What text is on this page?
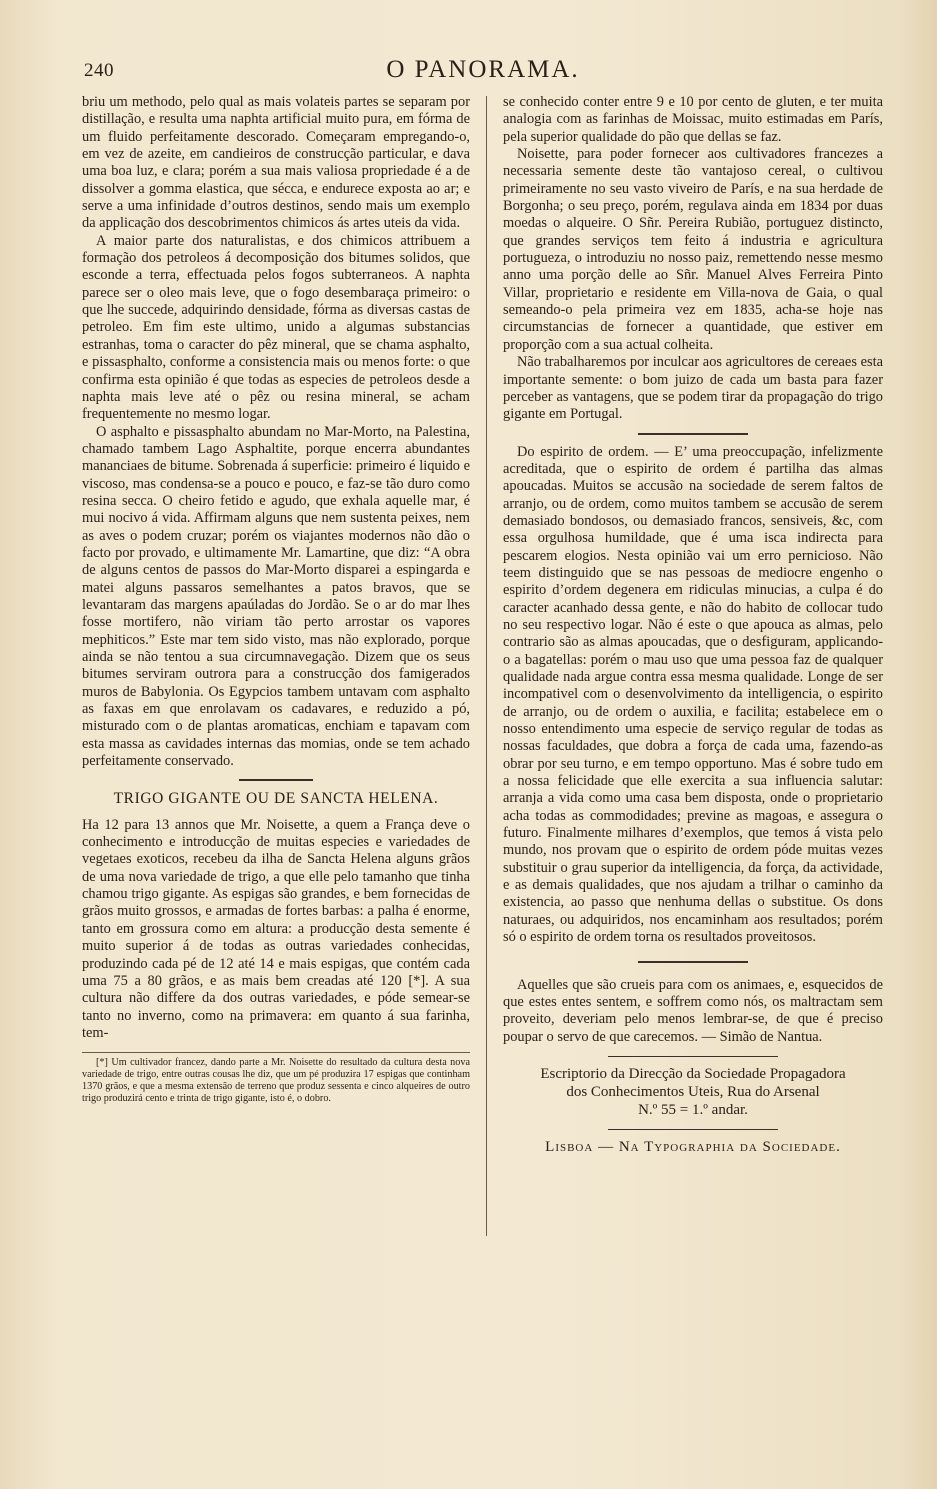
240	O PANORAMA.

briu um methodo, pelo qual as mais volateis partes se separam por distillação, e resulta uma naphta artificial muito pura, em fórma de um fluido perfeitamente descorado. Começaram empregando-o, em vez de azeite, em candieiros de construcção particular, e dava uma boa luz, e clara; porém a sua mais valiosa propriedade é a de dissolver a gomma elastica, que sécca, e endurece exposta ao ar; e serve a uma infinidade d’outros destinos, sendo mais um exemplo da applicação dos descobrimentos chimicos ás artes uteis da vida.

A maior parte dos naturalistas, e dos chimicos attribuem a formação dos petroleos á decomposição dos bitumes solidos, que esconde a terra, effectuada pelos fogos subterraneos. A naphta parece ser o oleo mais leve, que o fogo desembaraça primeiro: o que lhe succede, adquirindo densidade, fórma as diversas castas de petroleo. Em fim este ultimo, unido a algumas substancias estranhas, toma o caracter do pêz mineral, que se chama asphalto, e pissasphalto, conforme a consistencia mais ou menos forte: o que confirma esta opinião é que todas as especies de petroleos desde a naphta mais leve até o pêz ou resina mineral, se acham frequentemente no mesmo logar.

O asphalto e pissasphalto abundam no Mar-Morto, na Palestina, chamado tambem Lago Asphaltite, porque encerra abundantes mananciaes de bitume. Sobrenada á superficie: primeiro é liquido e viscoso, mas condensa-se a pouco e pouco, e faz-se tão duro como resina secca. O cheiro fetido e agudo, que exhala aquelle mar, é mui nocivo á vida. Affirmam alguns que nem sustenta peixes, nem as aves o podem cruzar; porém os viajantes modernos não dão o facto por provado, e ultimamente Mr. Lamartine, que diz: “A obra de alguns centos de passos do Mar-Morto disparei a espingarda e matei alguns passaros semelhantes a patos bravos, que se levantaram das margens apaúladas do Jordão. Se o ar do mar lhes fosse mortifero, não viriam tão perto arrostar os vapores mephiticos.” Este mar tem sido visto, mas não explorado, porque ainda se não tentou a sua circumnavegação. Dizem que os seus bitumes serviram outrora para a construcção dos famigerados muros de Babylonia. Os Egypcios tambem untavam com asphalto as faxas em que enrolavam os cadavares, e reduzido a pó, misturado com o de plantas aromaticas, enchiam e tapavam com esta massa as cavidades internas das momias, onde se tem achado perfeitamente conservado.

TRIGO GIGANTE OU DE SANCTA HELENA.

Ha 12 para 13 annos que Mr. Noisette, a quem a França deve o conhecimento e introducção de muitas especies e variedades de vegetaes exoticos, recebeu da ilha de Sancta Helena alguns grãos de uma nova variedade de trigo, a que elle pelo tamanho que tinha chamou trigo gigante. As espigas são grandes, e bem fornecidas de grãos muito grossos, e armadas de fortes barbas: a palha é enorme, tanto em grossura como em altura: a producção desta semente é muito superior á de todas as outras variedades conhecidas, produzindo cada pé de 12 até 14 e mais espigas, que contém cada uma 75 a 80 grãos, e as mais bem creadas até 120 [*]. A sua cultura não differe da dos outras variedades, e póde semear-se tanto no inverno, como na primavera: em quanto á sua farinha, tem-

[*] Um cultivador francez, dando parte a Mr. Noisette do resultado da cultura desta nova variedade de trigo, entre outras cousas lhe diz, que um pé produzira 17 espigas que continham 1370 grãos, e que a mesma extensão de terreno que produz sessenta e cinco alqueires de outro trigo produzirá cento e trinta de trigo gigante, isto é, o dobro.

se conhecido conter entre 9 e 10 por cento de gluten, e ter muita analogia com as farinhas de Moissac, muito estimadas em París, pela superior qualidade do pão que dellas se faz.

Noisette, para poder fornecer aos cultivadores francezes a necessaria semente deste tão vantajoso cereal, o cultivou primeiramente no seu vasto viveiro de París, e na sua herdade de Borgonha; o seu preço, porém, regulava ainda em 1834 por duas moedas o alqueire. O Sñr. Pereira Rubião, portuguez distincto, que grandes serviços tem feito á industria e agricultura portugueza, o introduziu no nosso paiz, remettendo nesse mesmo anno uma porção delle ao Sñr. Manuel Alves Ferreira Pinto Villar, proprietario e residente em Villa-nova de Gaia, o qual semeando-o pela primeira vez em 1835, acha-se hoje nas circumstancias de fornecer a quantidade, que estiver em proporção com a sua actual colheita.

Não trabalharemos por inculcar aos agricultores de cereaes esta importante semente: o bom juizo de cada um basta para fazer perceber as vantagens, que se podem tirar da propagação do trigo gigante em Portugal.

Do espirito de ordem. — E’ uma preoccupação, infelizmente acreditada, que o espirito de ordem é partilha das almas apoucadas. Muitos se accusão na sociedade de serem faltos de arranjo, ou de ordem, como muitos tambem se accusão de serem demasiado bondosos, ou demasiado francos, sensiveis, &c, com essa orgulhosa humildade, que é uma isca indirecta para pescarem elogios. Nesta opinião vai um erro pernicioso. Não teem distinguido que se nas pessoas de mediocre engenho o espirito d’ordem degenera em ridiculas minucias, a culpa é do caracter acanhado dessa gente, e não do habito de collocar tudo no seu respectivo logar. Não é este o que apouca as almas, pelo contrario são as almas apoucadas, que o desfiguram, applicando-o a bagatellas: porém o mau uso que uma pessoa faz de qualquer qualidade nada argue contra essa mesma qualidade. Longe de ser incompativel com o desenvolvimento da intelligencia, o espirito de arranjo, ou de ordem o auxilia, e facilita; estabelece em o nosso entendimento uma especie de serviço regular de todas as nossas faculdades, que dobra a força de cada uma, fazendo-as obrar por seu turno, e em tempo opportuno. Mas é sobre tudo em a nossa felicidade que elle exercita a sua influencia salutar: arranja a vida como uma casa bem disposta, onde o proprietario acha todas as commodidades; previne as magoas, e assegura o futuro. Finalmente milhares d’exemplos, que temos á vista pelo mundo, nos provam que o espirito de ordem póde muitas vezes substituir o grau superior da intelligencia, da força, da actividade, e as demais qualidades, que nos ajudam a trilhar o caminho da existencia, ao passo que nenhuma dellas o substitue. Os dons naturaes, ou adquiridos, nos encaminham aos resultados; porém só o espirito de ordem torna os resultados proveitosos.

Aquelles que são crueis para com os animaes, e, esquecidos de que estes entes sentem, e soffrem como nós, os maltractam sem proveito, deveriam pelo menos lembrar-se, de que é preciso poupar o servo de que carecemos. — Simão de Nantua.

Escriptorio da Direcção da Sociedade Propagadora
dos Conhecimentos Uteis, Rua do Arsenal
N.º 55 = 1.º andar.
Lisboa — Na Typographia da Sociedade.
